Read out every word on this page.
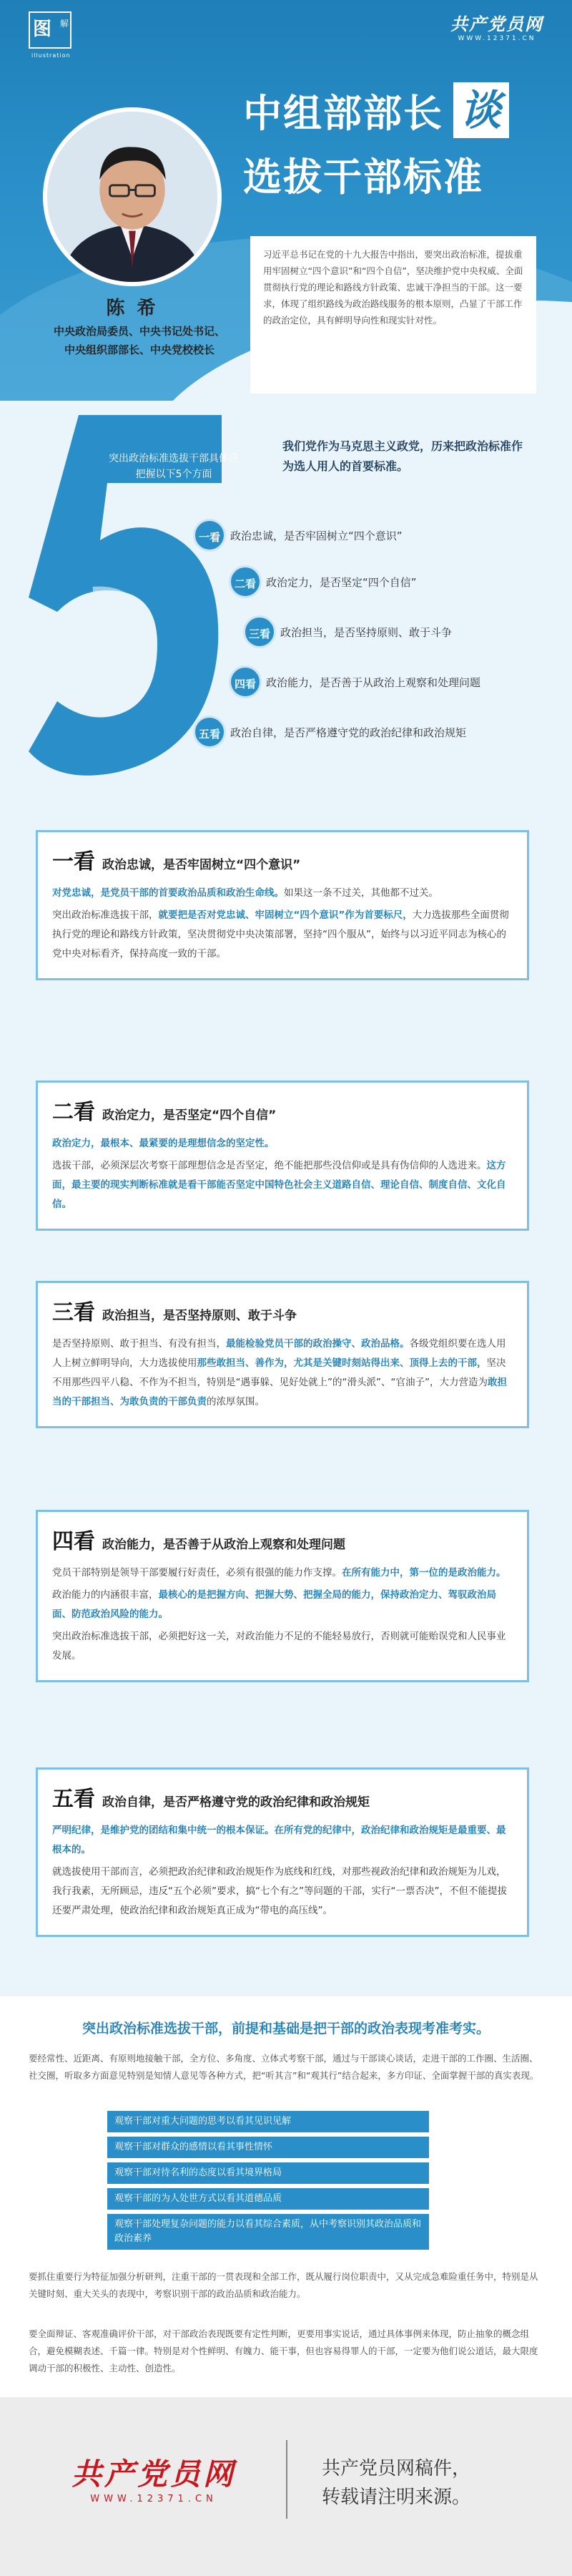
图 解
illustration
共产党员网
WWW.12371.CN
陈 希
中央政治局委员、中央书记处书记、
中央组织部部长、中央党校校长
中组部部长 谈
选拔干部标准
习近平总书记在党的十九大报告中指出，要突出政治标准，提拔重用牢固树立“四个意识”和“四个自信”，坚决维护党中央权威、全面贯彻执行党的理论和路线方针政策、忠诚干净担当的干部。这一要求，体现了组织路线为政治路线服务的根本原则，凸显了干部工作的政治定位，具有鲜明导向性和现实针对性。
突出政治标准选拔干部具体应把握以下5个方面
我们党作为马克思主义政党，历来把政治标准作为选人用人的首要标准。
一看 政治忠诚，是否牢固树立“四个意识”
二看 政治定力，是否坚定“四个自信”
三看 政治担当，是否坚持原则、敢于斗争
四看 政治能力，是否善于从政治上观察和处理问题
五看 政治自律，是否严格遵守党的政治纪律和政治规矩
一看 政治忠诚，是否牢固树立“四个意识”

对党忠诚，是党员干部的首要政治品质和政治生命线。如果这一条不过关，其他都不过关。

突出政治标准选拔干部，就要把是否对党忠诚、牢固树立“四个意识”作为首要标尺，大力选拔那些全面贯彻执行党的理论和路线方针政策，坚决贯彻党中央决策部署，坚持“四个服从”，始终与以习近平同志为核心的党中央对标看齐，保持高度一致的干部。

二看 政治定力，是否坚定“四个自信”

政治定力，最根本、最紧要的是理想信念的坚定性。

选拔干部，必须深层次考察干部理想信念是否坚定，绝不能把那些没信仰或是具有伪信仰的人选进来。这方面，最主要的现实判断标准就是看干部能否坚定中国特色社会主义道路自信、理论自信、制度自信、文化自信。

三看 政治担当，是否坚持原则、敢于斗争

是否坚持原则、敢于担当、有没有担当，最能检验党员干部的政治操守、政治品格。各级党组织要在选人用人上树立鲜明导向，大力选拔使用那些敢担当、善作为，尤其是关键时刻站得出来、顶得上去的干部，坚决不用那些四平八稳、不作为不担当，特别是“遇事躲、见好处就上”的“滑头派”、“官油子”，大力营造为敢担当的干部担当、为敢负责的干部负责的浓厚氛围。

四看 政治能力，是否善于从政治上观察和处理问题

党员干部特别是领导干部要履行好责任，必须有很强的能力作支撑。在所有能力中，第一位的是政治能力。

政治能力的内涵很丰富，最核心的是把握方向、把握大势、把握全局的能力，保持政治定力、驾驭政治局面、防范政治风险的能力。

突出政治标准选拔干部，必须把好这一关，对政治能力不足的不能轻易放行，否则就可能贻误党和人民事业发展。

五看 政治自律，是否严格遵守党的政治纪律和政治规矩

严明纪律，是维护党的团结和集中统一的根本保证。在所有党的纪律中，政治纪律和政治规矩是最重要、最根本的。

就选拔使用干部而言，必须把政治纪律和政治规矩作为底线和红线，对那些视政治纪律和政治规矩为儿戏，我行我素，无所顾忌，违反“五个必须”要求，搞“七个有之”等问题的干部，实行“一票否决”，不但不能提拔还要严肃处理，使政治纪律和政治规矩真正成为“带电的高压线”。

突出政治标准选拔干部，前提和基础是把干部的政治表现考准考实。
要经常性、近距离、有原则地接触干部，全方位、多角度、立体式考察干部，通过与干部谈心谈话，走进干部的工作圈、生活圈、社交圈，听取多方面意见特别是知情人意见等各种方式，把“听其言”和“观其行”结合起来，多方印证、全面掌握干部的真实表现。
观察干部对重大问题的思考以看其见识见解
观察干部对群众的感情以看其事性情怀
观察干部对待名利的态度以看其境界格局
观察干部的为人处世方式以看其道德品质
观察干部处理复杂问题的能力以看其综合素质，从中考察识别其政治品质和政治素养
要抓住重要行为特征加强分析研判，注重干部的一贯表现和全部工作，既从履行岗位职责中，又从完成急难险重任务中，特别是从关键时刻、重大关头的表现中，考察识别干部的政治品质和政治能力。
要全面辩证、客观准确评价干部，对干部政治表现既要有定性判断，更要用事实说话，通过具体事例来体现，防止抽象的概念组合，避免模糊表述、千篇一律。特别是对个性鲜明、有魄力、能干事，但也容易得罪人的干部，一定要为他们说公道话，最大限度调动干部的积极性、主动性、创造性。
共产党员网
WWW.12371.CN
共产党员网稿件，
转载请注明来源。
